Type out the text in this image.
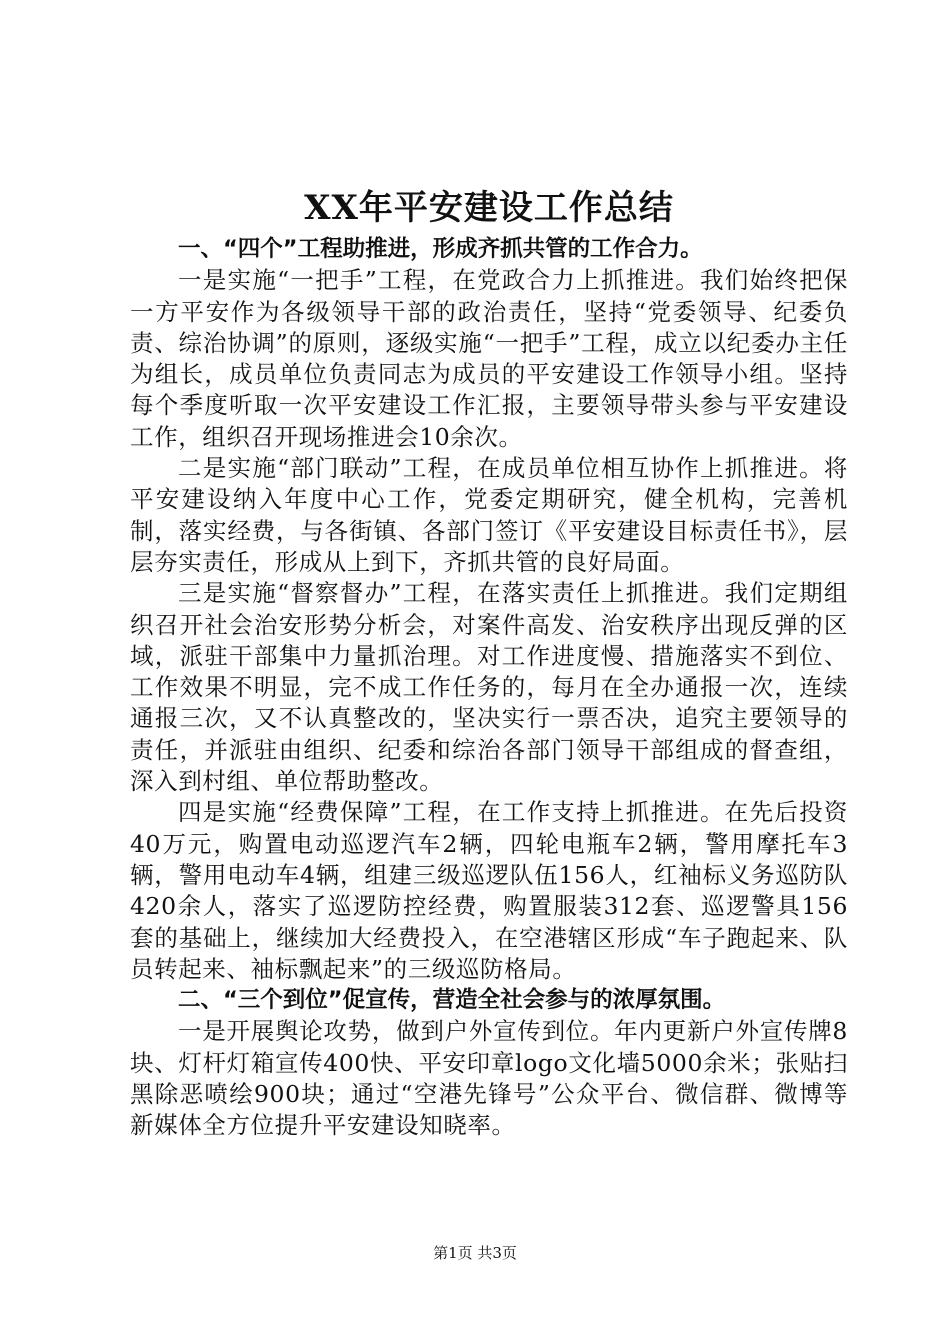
XX年平安建设工作总结

一、“四个”工程助推进，形成齐抓共管的工作合力。

一是实施“一把手”工程，在党政合力上抓推进。我们始终把保一方平安作为各级领导干部的政治责任，坚持“党委领导、纪委负责、综治协调”的原则，逐级实施“一把手”工程，成立以纪委办主任为组长，成员单位负责同志为成员的平安建设工作领导小组。坚持每个季度听取一次平安建设工作汇报，主要领导带头参与平安建设工作，组织召开现场推进会10余次。

二是实施“部门联动”工程，在成员单位相互协作上抓推进。将平安建设纳入年度中心工作，党委定期研究，健全机构，完善机制，落实经费，与各街镇、各部门签订《平安建设目标责任书》，层层夯实责任，形成从上到下，齐抓共管的良好局面。

三是实施“督察督办”工程，在落实责任上抓推进。我们定期组织召开社会治安形势分析会，对案件高发、治安秩序出现反弹的区域，派驻干部集中力量抓治理。对工作进度慢、措施落实不到位、工作效果不明显，完不成工作任务的，每月在全办通报一次，连续通报三次，又不认真整改的，坚决实行一票否决，追究主要领导的责任，并派驻由组织、纪委和综治各部门领导干部组成的督查组，深入到村组、单位帮助整改。

四是实施“经费保障”工程，在工作支持上抓推进。在先后投资40万元，购置电动巡逻汽车2辆，四轮电瓶车2辆，警用摩托车3辆，警用电动车4辆，组建三级巡逻队伍156人，红袖标义务巡防队420余人，落实了巡逻防控经费，购置服装312套、巡逻警具156套的基础上，继续加大经费投入，在空港辖区形成“车子跑起来、队员转起来、袖标飘起来”的三级巡防格局。

二、“三个到位”促宣传，营造全社会参与的浓厚氛围。

一是开展舆论攻势，做到户外宣传到位。年内更新户外宣传牌8块、灯杆灯箱宣传400快、平安印章logo文化墙5000余米；张贴扫黑除恶喷绘900块；通过“空港先锋号”公众平台、微信群、微博等新媒体全方位提升平安建设知晓率。

第1页 共3页
